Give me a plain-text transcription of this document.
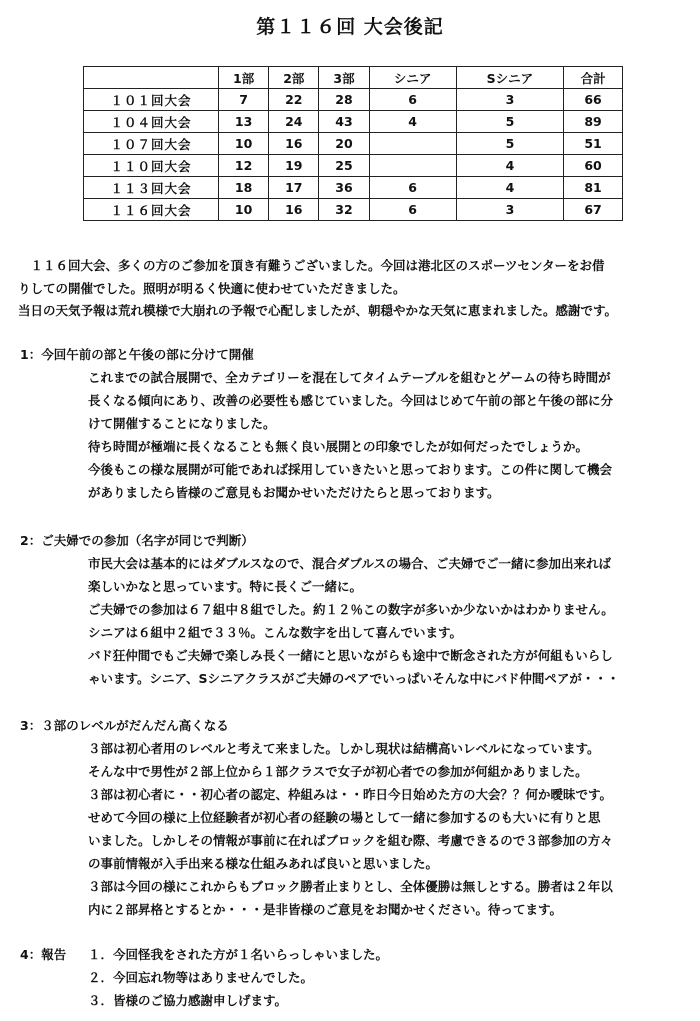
第１１６回 大会後記
	1部	2部	3部	シニア	Sシニア	合計
１０１回大会	7	22	28	6	3	66
１０４回大会	13	24	43	4	5	89
１０７回大会	10	16	20		5	51
１１０回大会	12	19	25		4	60
１１３回大会	18	17	36	6	4	81
１１６回大会	10	16	32	6	3	67

　１１６回大会、多くの方のご参加を頂き有難うございました。今回は港北区のスポーツセンターをお借

りしての開催でした。照明が明るく快適に使わせていただきました。

当日の天気予報は荒れ模様で大崩れの予報で心配しましたが、朝穏やかな天気に恵まれました。感謝です。

1：今回午前の部と午後の部に分けて開催

これまでの試合展開で、全カテゴリーを混在してタイムテーブルを組むとゲームの待ち時間が

長くなる傾向にあり、改善の必要性も感じていました。今回はじめて午前の部と午後の部に分

けて開催することになりました。

待ち時間が極端に長くなることも無く良い展開との印象でしたが如何だったでしょうか。

今後もこの様な展開が可能であれば採用していきたいと思っております。この件に関して機会

がありましたら皆様のご意見もお聞かせいただけたらと思っております。

2：ご夫婦での参加（名字が同じで判断）

市民大会は基本的にはダブルスなので、混合ダブルスの場合、ご夫婦でご一緒に参加出来れば

楽しいかなと思っています。特に長くご一緒に。

ご夫婦での参加は６７組中８組でした。約１２％この数字が多いか少ないかはわかりません。

シニアは６組中２組で３３％。こんな数字を出して喜んでいます。

バド狂仲間でもご夫婦で楽しみ長く一緒にと思いながらも途中で断念された方が何組もいらし

ゃいます。シニア、Sシニアクラスがご夫婦のペアでいっぱいそんな中にバド仲間ペアが・・・

3：３部のレベルがだんだん高くなる

３部は初心者用のレベルと考えて来ました。しかし現状は結構高いレベルになっています。

そんな中で男性が２部上位から１部クラスで女子が初心者での参加が何組かありました。

３部は初心者に・・初心者の認定、枠組みは・・昨日今日始めた方の大会？？何か曖昧です。

せめて今回の様に上位経験者が初心者の経験の場として一緒に参加するのも大いに有りと思

いました。しかしその情報が事前に在ればブロックを組む際、考慮できるので３部参加の方々

の事前情報が入手出来る様な仕組みあれば良いと思いました。

３部は今回の様にこれからもブロック勝者止まりとし、全体優勝は無しとする。勝者は２年以

内に２部昇格とするとか・・・是非皆様のご意見をお聞かせください。待ってます。

4：報告	１．今回怪我をされた方が１名いらっしゃいました。

２．今回忘れ物等はありませんでした。

３．皆様のご協力感謝申しげます。
